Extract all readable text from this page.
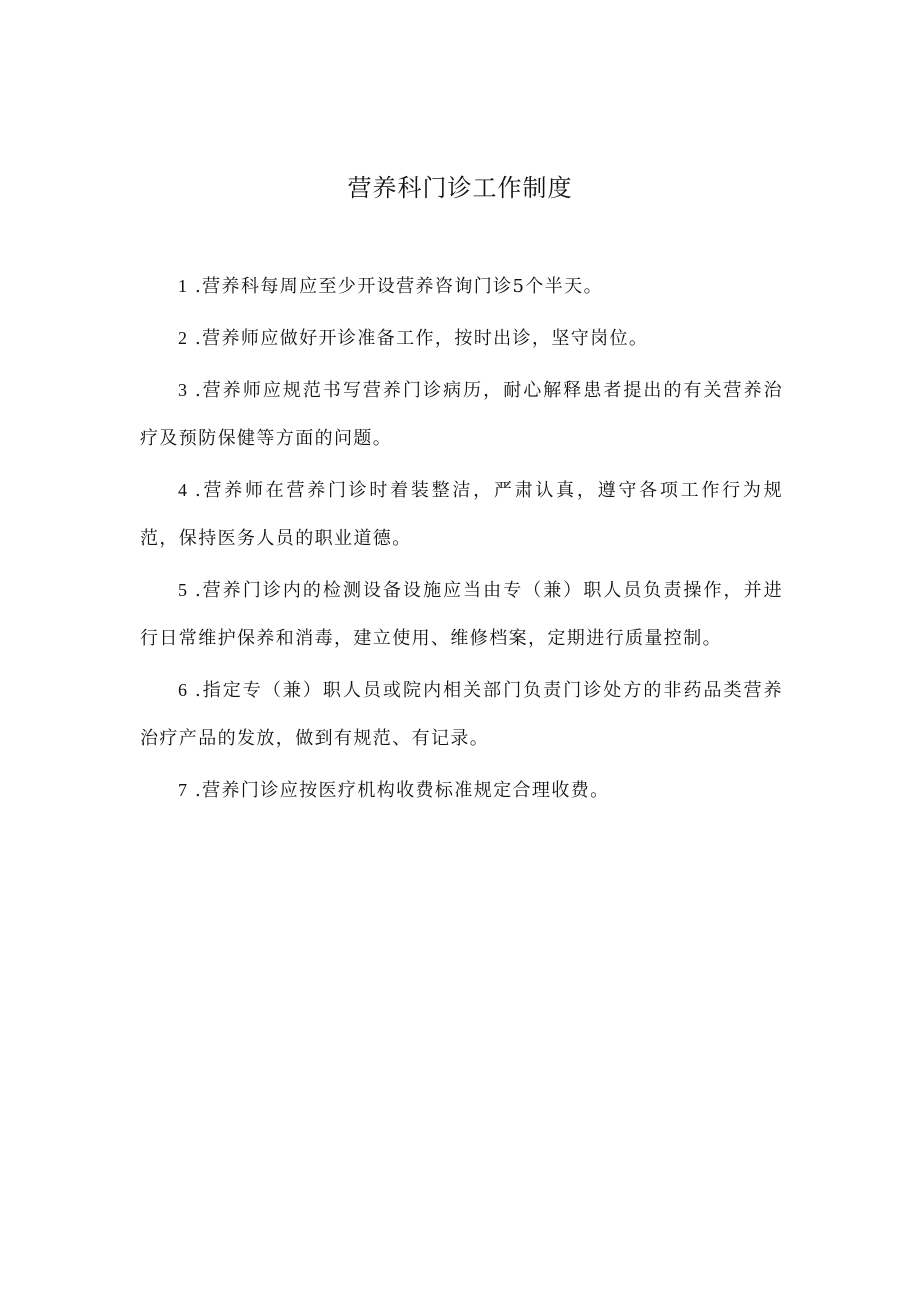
营养科门诊工作制度
1 .营养科每周应至少开设营养咨询门诊5个半天。
2 .营养师应做好开诊准备工作，按时出诊，坚守岗位。
3 .营养师应规范书写营养门诊病历，耐心解释患者提出的有关营养治疗及预防保健等方面的问题。
4 .营养师在营养门诊时着装整洁，严肃认真，遵守各项工作行为规范，保持医务人员的职业道德。
5 .营养门诊内的检测设备设施应当由专（兼）职人员负责操作，并进行日常维护保养和消毒，建立使用、维修档案，定期进行质量控制。
6 .指定专（兼）职人员或院内相关部门负责门诊处方的非药品类营养治疗产品的发放，做到有规范、有记录。
7 .营养门诊应按医疗机构收费标准规定合理收费。
